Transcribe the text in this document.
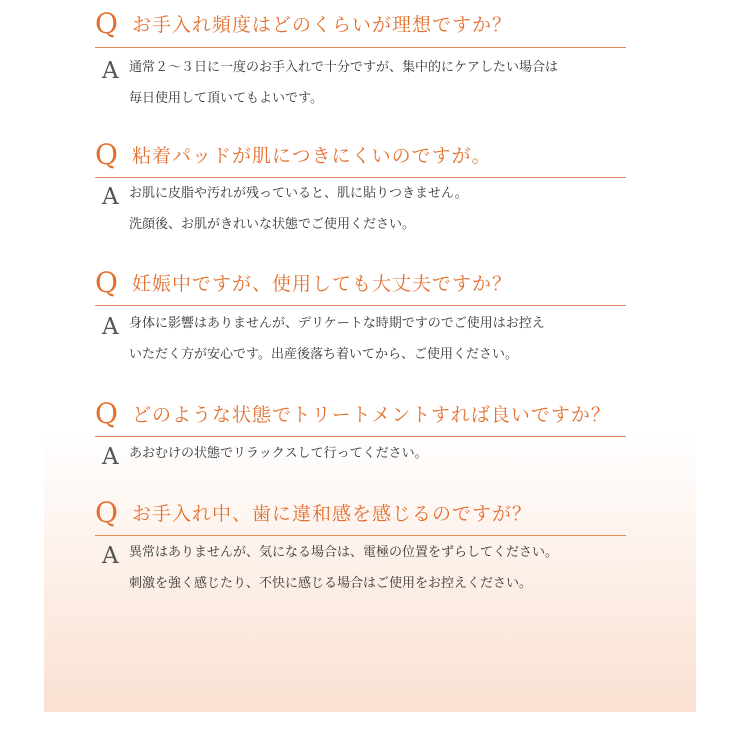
Q お手入れ頻度はどのくらいが理想ですか？
A 通常２～３日に一度のお手入れで十分ですが、集中的にケアしたい場合は
毎日使用して頂いてもよいです。
Q 粘着パッドが肌につきにくいのですが。
A お肌に皮脂や汚れが残っていると、肌に貼りつきません。
洗顔後、お肌がきれいな状態でご使用ください。
Q 妊娠中ですが、使用しても大丈夫ですか？
A 身体に影響はありませんが、デリケートな時期ですのでご使用はお控え
いただく方が安心です。出産後落ち着いてから、ご使用ください。
Q どのような状態でトリートメントすれば良いですか？
A あおむけの状態でリラックスして行ってください。
Q お手入れ中、歯に違和感を感じるのですが？
A 異常はありませんが、気になる場合は、電極の位置をずらしてください。
刺激を強く感じたり、不快に感じる場合はご使用をお控えください。
